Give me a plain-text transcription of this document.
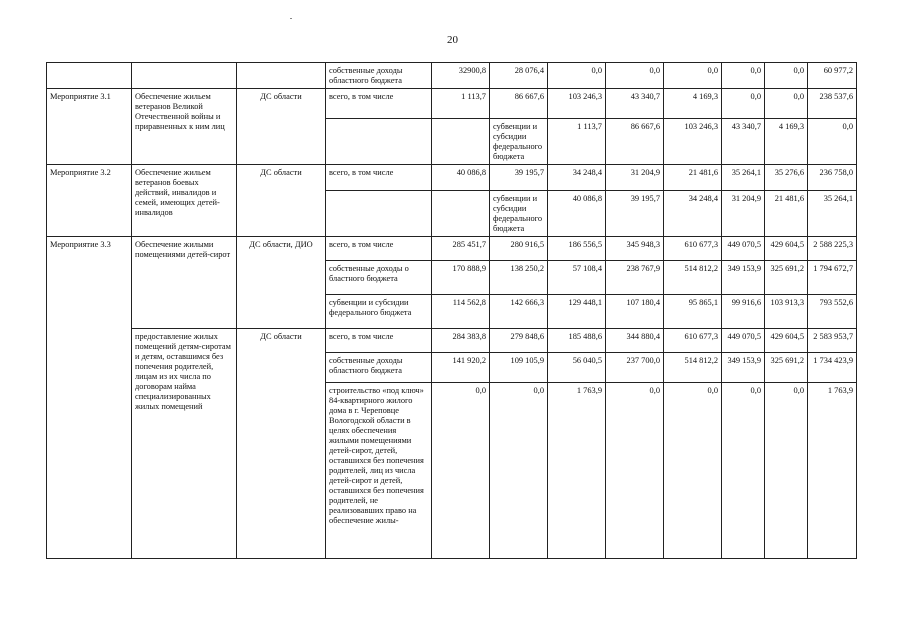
20
			собственные доходы областного бюджета	32900,8	28 076,4	0,0	0,0	0,0	0,0	0,0	60 977,2	
Мероприятие 3.1	Обеспечение жильем ветеранов Великой Отечественной войны и приравненных к ним лиц	ДС области	всего, в том числе	1 113,7	86 667,6	103 246,3	43 340,7	4 169,3	0,0	0,0	238 537,6	
					субвенции и субсидии федерального бюджета	1 113,7	86 667,6	103 246,3	43 340,7	4 169,3	0,0		
Мероприятие 3.2	Обеспечение жильем ветеранов боевых действий, инвалидов и семей, имеющих детей-инвалидов	ДС области	всего, в том числе	40 086,8	39 195,7	34 248,4	31 204,9	21 481,6	35 264,1	35 276,6	236 758,0	
					субвенции и субсидии федерального бюджета	40 086,8	39 195,7	34 248,4	31 204,9	21 481,6	35 264,1		
Мероприятие 3.3	Обеспечение жилыми помещениями детей-сирот	ДС области, ДИО	всего, в том числе	285 451,7	280 916,5	186 556,5	345 948,3	610 677,3	449 070,5	429 604,5	2 588 225,3	
			собственные доходы о бластного бюджета	170 888,9	138 250,2	57 108,4	238 767,9	514 812,2	349 153,9	325 691,2	1 794 672,7	
			субвенции и субсидии федерального бюджета	114 562,8	142 666,3	129 448,1	107 180,4	95 865,1	99 916,6	103 913,3	793 552,6	
	предоставление жилых помещений детям-сиротам и детям, оставшимся без попечения родителей, лицам из их числа по договорам найма специализированных жилых помещений	ДС области	всего, в том числе	284 383,8	279 848,6	185 488,6	344 880,4	610 677,3	449 070,5	429 604,5	2 583 953,7	
			собственные доходы областного бюджета	141 920,2	109 105,9	56 040,5	237 700,0	514 812,2	349 153,9	325 691,2	1 734 423,9	
			строительство «под ключ» 84-квартирного жилого дома в г. Череповце Вологодской области в целях обеспечения жилыми помещениями детей-сирот, детей, оставшихся без попечения родителей, лиц из числа детей-сирот и детей, оставшихся без попечения родителей, не реализовавших право на обеспечение жилы-	0,0	0,0	1 763,9	0,0	0,0	0,0	0,0	1 763,9	
